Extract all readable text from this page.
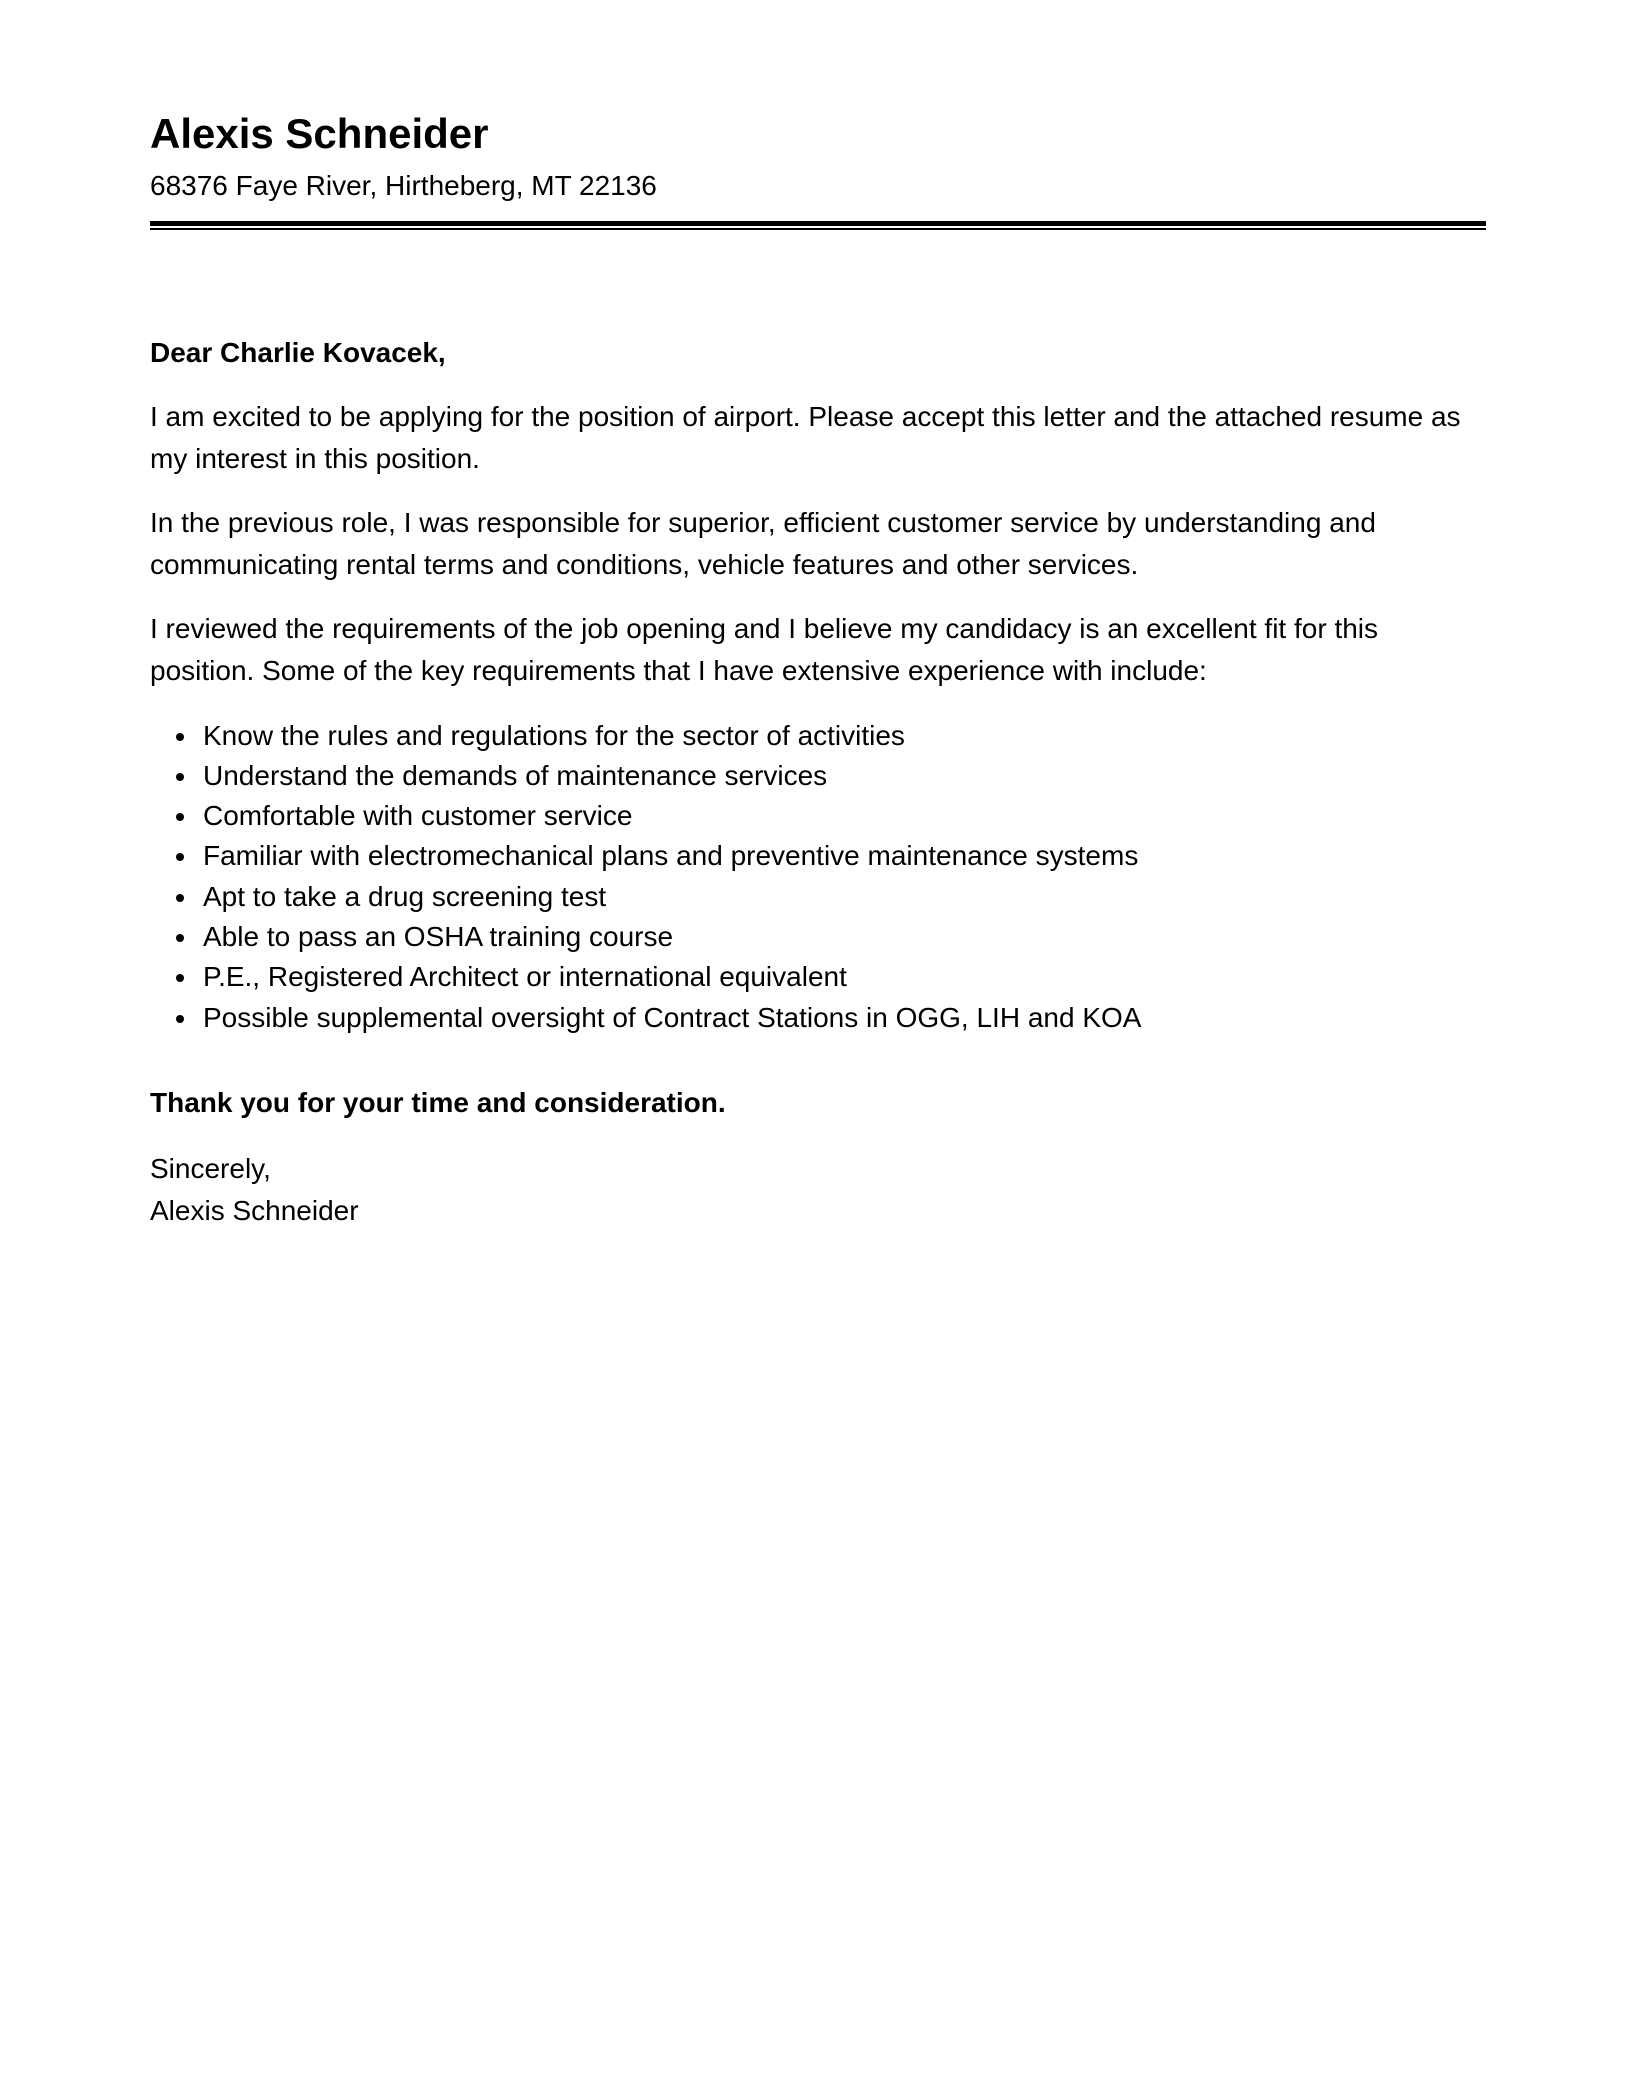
Alexis Schneider
68376 Faye River, Hirtheberg, MT 22136

Dear Charlie Kovacek,

I am excited to be applying for the position of airport. Please accept this letter and the attached resume as my interest in this position.

In the previous role, I was responsible for superior, efficient customer service by understanding and communicating rental terms and conditions, vehicle features and other services.

I reviewed the requirements of the job opening and I believe my candidacy is an excellent fit for this position. Some of the key requirements that I have extensive experience with include:

• Know the rules and regulations for the sector of activities
• Understand the demands of maintenance services
• Comfortable with customer service
• Familiar with electromechanical plans and preventive maintenance systems
• Apt to take a drug screening test
• Able to pass an OSHA training course
• P.E., Registered Architect or international equivalent
• Possible supplemental oversight of Contract Stations in OGG, LIH and KOA

Thank you for your time and consideration.

Sincerely,
Alexis Schneider
